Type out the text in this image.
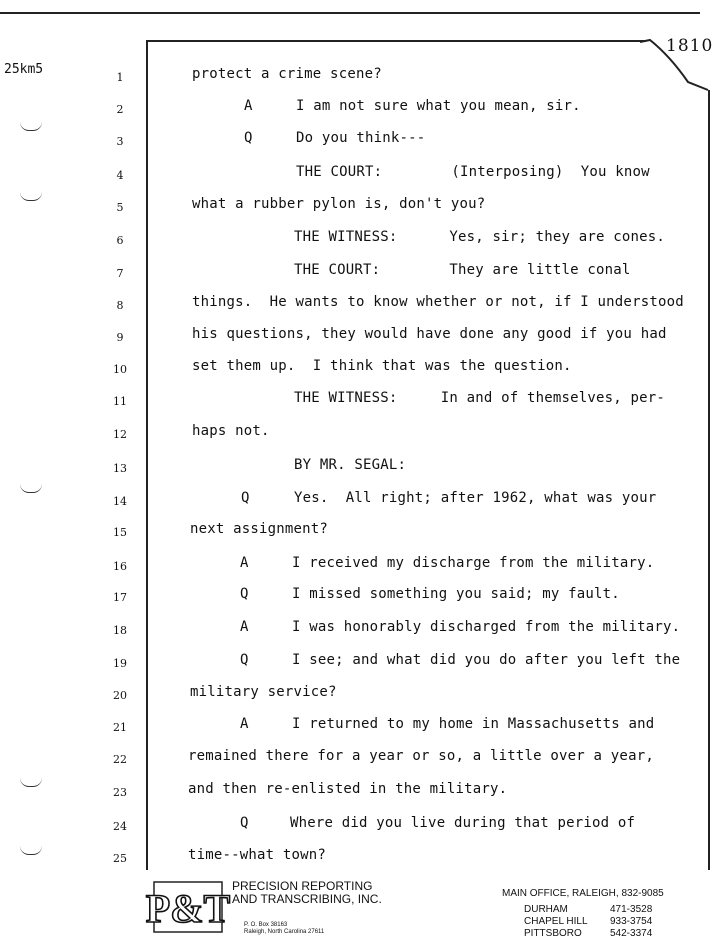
1810
25km5
1	protect a crime scene?
2	A	I am not sure what you mean, sir.
3	Q	Do you think---
4	THE COURT:        (Interposing)  You know
5	what a rubber pylon is, don't you?
6	THE WITNESS:      Yes, sir; they are cones.
7	THE COURT:        They are little conal
8	things.  He wants to know whether or not, if I understood
9	his questions, they would have done any good if you had
10	set them up.  I think that was the question.
11	THE WITNESS:     In and of themselves, per-
12	haps not.
13	BY MR. SEGAL:
14	Q	Yes.  All right; after 1962, what was your
15	next assignment?
16	A	I received my discharge from the military.
17	Q	I missed something you said; my fault.
18	A	I was honorably discharged from the military.
19	Q	I see; and what did you do after you left the
20	military service?
21	A	I returned to my home in Massachusetts and
22	remained there for a year or so, a little over a year,
23	and then re-enlisted in the military.
24	Q	Where did you live during that period of
25	time--what town?
P&T PRECISION REPORTING
AND TRANSCRIBING, INC.
P. O. Box 38163
Raleigh, North Carolina 27611
MAIN OFFICE, RALEIGH, 832-9085
DURHAM	471-3528
CHAPEL HILL 933-3754
PITTSBORO	542-3374
